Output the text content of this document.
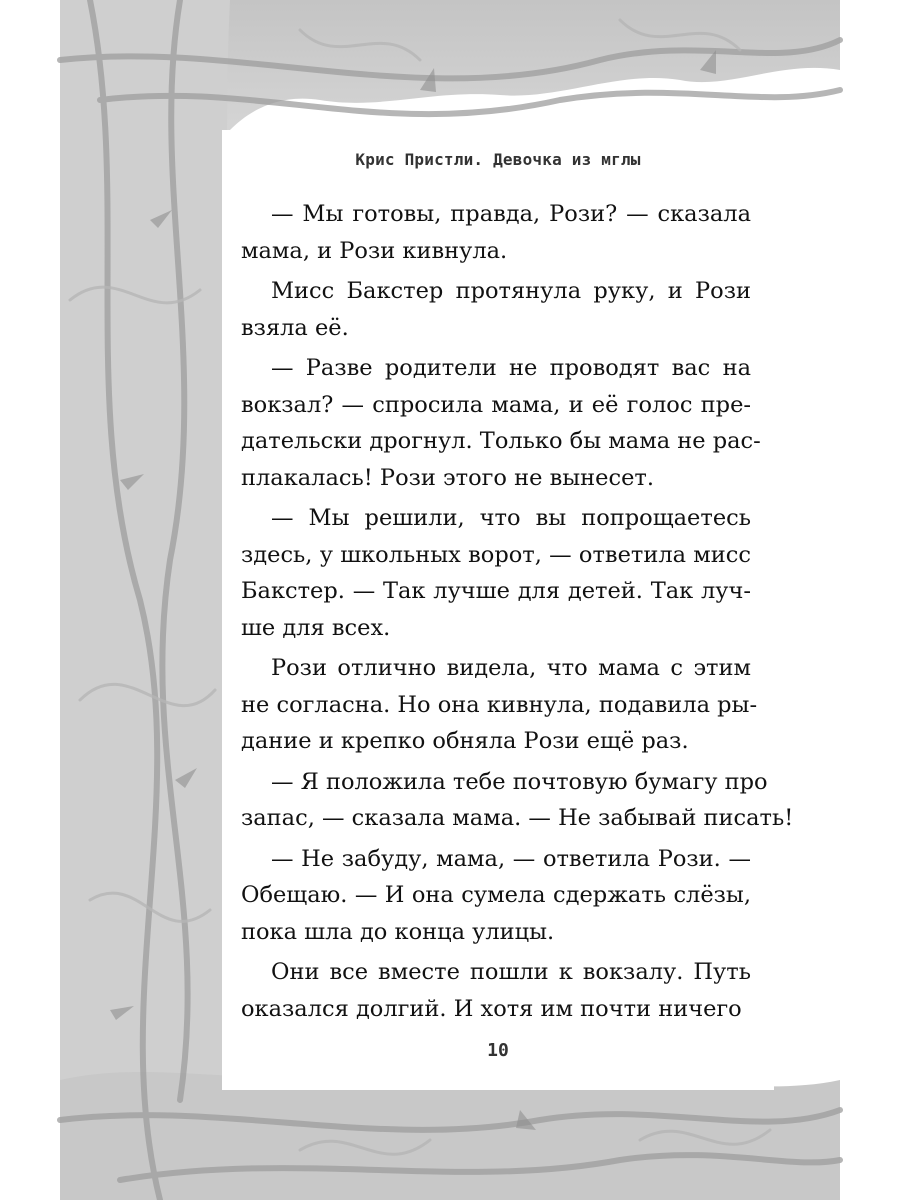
Крис Пристли. Девочка из мглы

— Мы готовы, правда, Рози? — сказала
мама, и Рози кивнула.

Мисс Бакстер протянула руку, и Рози
взяла её.

— Разве родители не проводят вас на
вокзал? — спросила мама, и её голос пре-
дательски дрогнул. Только бы мама не рас-
плакалась! Рози этого не вынесет.

— Мы решили, что вы попрощаетесь
здесь, у школьных ворот, — ответила мисс
Бакстер. — Так лучше для детей. Так луч-
ше для всех.

Рози отлично видела, что мама с этим
не согласна. Но она кивнула, подавила ры-
дание и крепко обняла Рози ещё раз.

— Я положила тебе почтовую бумагу про
запас, — сказала мама. — Не забывай писать!

— Не забуду, мама, — ответила Рози. —
Обещаю. — И она сумела сдержать слёзы,
пока шла до конца улицы.

Они все вместе пошли к вокзалу. Путь
оказался долгий. И хотя им почти ничего

10
